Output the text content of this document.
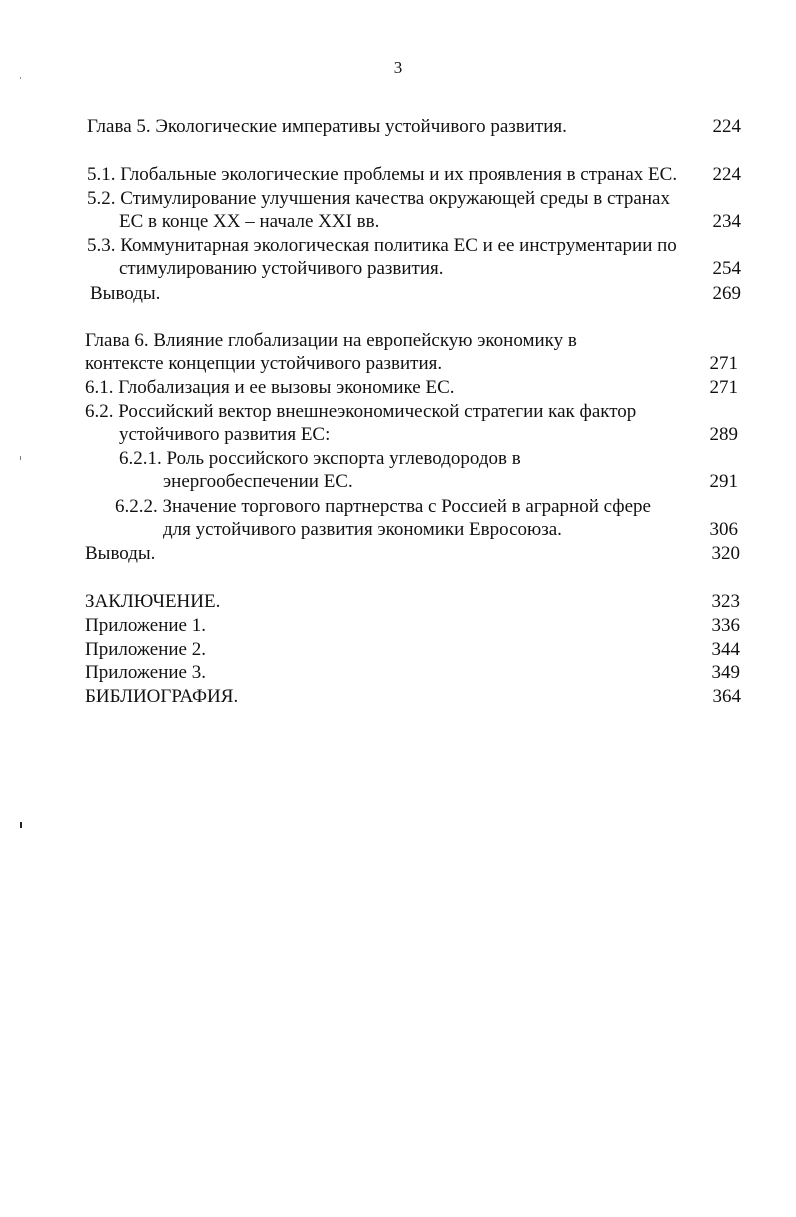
3
Глава 5. Экологические императивы устойчивого развития.	224
5.1. Глобальные экологические проблемы и их проявления в странах ЕС.	224
5.2. Стимулирование улучшения качества окружающей среды в странах
ЕС в конце XX – начале XXI вв.	234
5.3. Коммунитарная экологическая политика ЕС и ее инструментарии по
стимулированию устойчивого развития.	254
Выводы.	269
Глава 6. Влияние глобализации на европейскую экономику в
контексте концепции устойчивого развития.	271
6.1. Глобализация и ее вызовы экономике ЕС.	271
6.2. Российский вектор внешнеэкономической стратегии как фактор
устойчивого развития ЕС:	289
6.2.1. Роль российского экспорта углеводородов в
энергообеспечении ЕС.	291
6.2.2. Значение торгового партнерства с Россией в аграрной сфере
для устойчивого развития экономики Евросоюза.	306
Выводы.	320
ЗАКЛЮЧЕНИЕ.	323
Приложение 1.	336
Приложение 2.	344
Приложение 3.	349
БИБЛИОГРАФИЯ.	364
